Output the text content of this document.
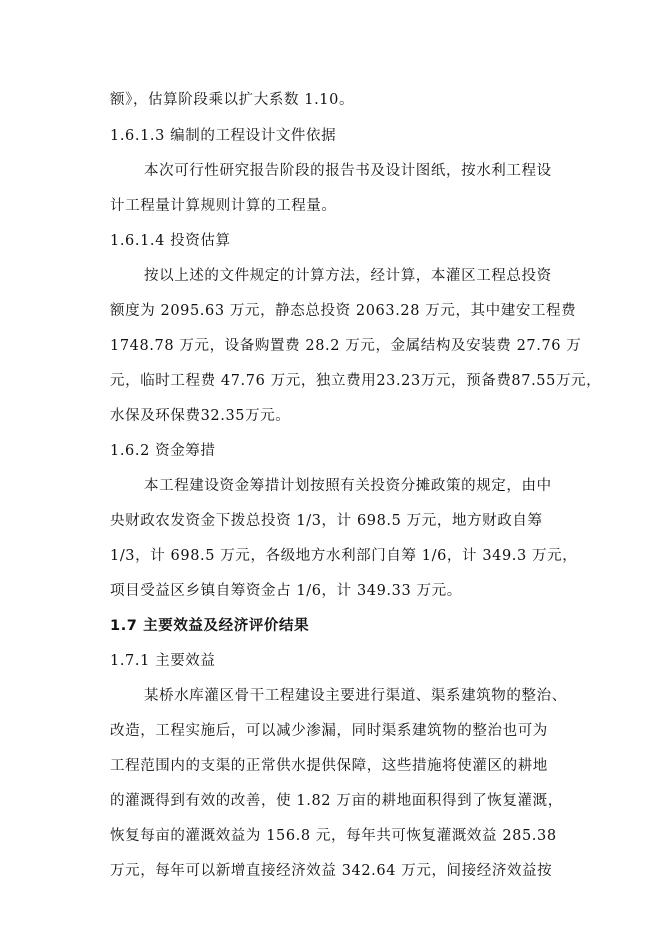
额》，估算阶段乘以扩大系数 1.10。
1.6.1.3 编制的工程设计文件依据
本次可行性研究报告阶段的报告书及设计图纸，按水利工程设
计工程量计算规则计算的工程量。
1.6.1.4 投资估算
按以上述的文件规定的计算方法，经计算，本灌区工程总投资
额度为 2095.63 万元，静态总投资 2063.28 万元，其中建安工程费
1748.78 万元，设备购置费 28.2 万元，金属结构及安装费 27.76 万
元，临时工程费 47.76 万元，独立费用23.23万元，预备费87.55万元，
水保及环保费32.35万元。
1.6.2 资金筹措
本工程建设资金筹措计划按照有关投资分摊政策的规定，由中
央财政农发资金下拨总投资 1/3，计 698.5 万元，地方财政自筹
1/3，计 698.5 万元，各级地方水利部门自筹 1/6，计 349.3 万元，
项目受益区乡镇自筹资金占 1/6，计 349.33 万元。
1.7 主要效益及经济评价结果
1.7.1 主要效益
某桥水库灌区骨干工程建设主要进行渠道、渠系建筑物的整治、
改造，工程实施后，可以减少渗漏，同时渠系建筑物的整治也可为
工程范围内的支渠的正常供水提供保障，这些措施将使灌区的耕地
的灌溉得到有效的改善，使 1.82 万亩的耕地面积得到了恢复灌溉，
恢复每亩的灌溉效益为 156.8 元，每年共可恢复灌溉效益 285.38
万元，每年可以新增直接经济效益 342.64 万元，间接经济效益按
